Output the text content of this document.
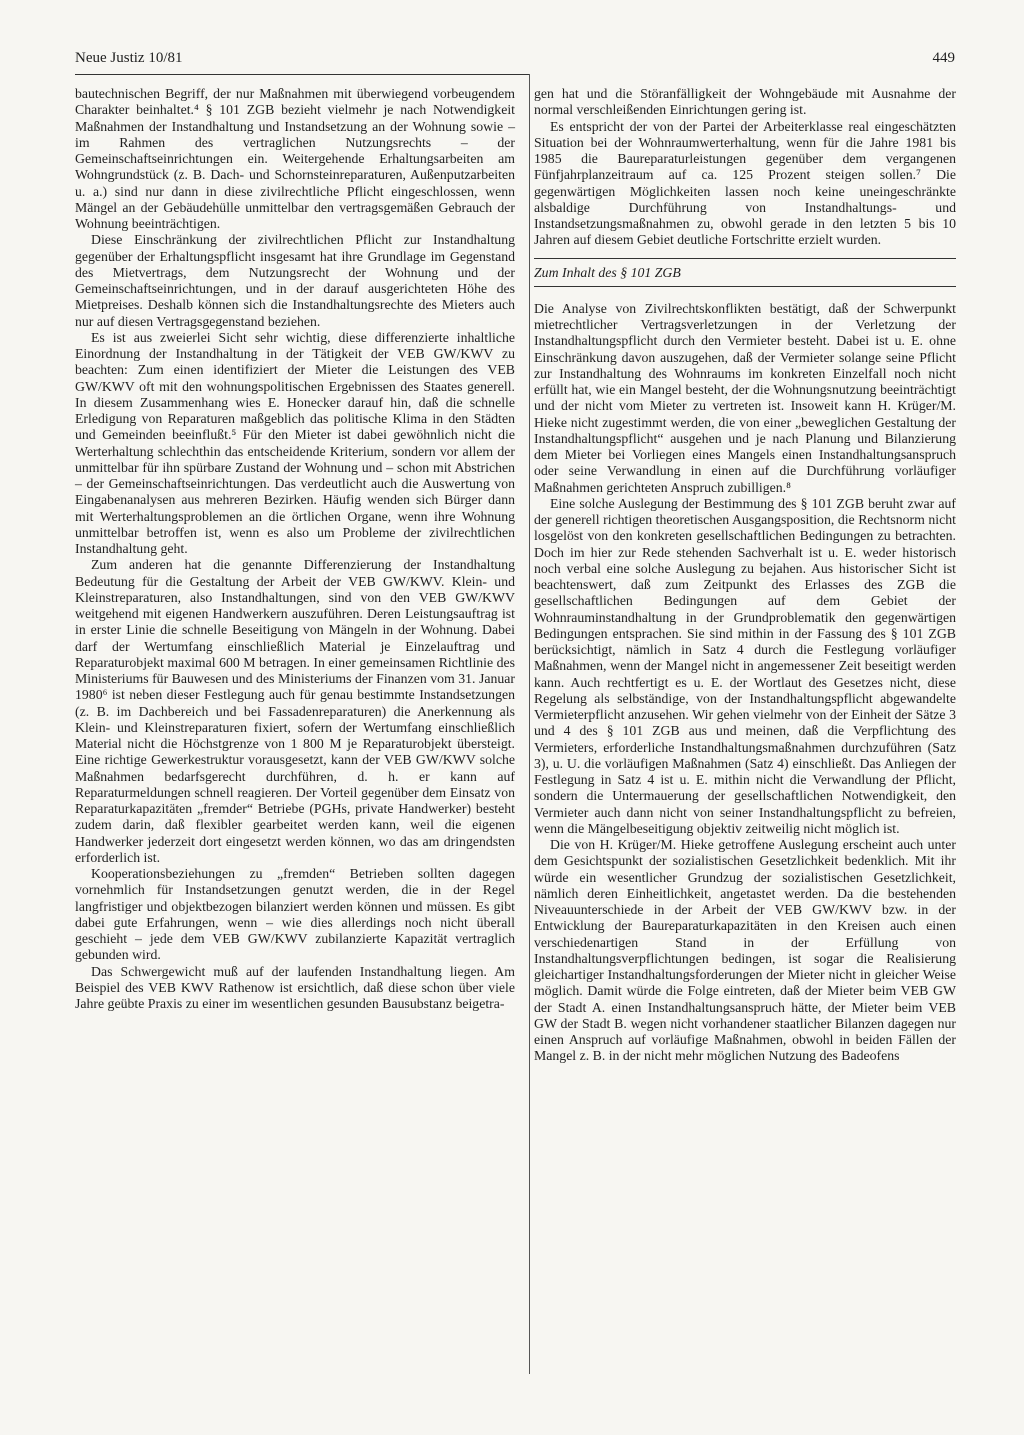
Neue Justiz 10/81	449

bautechnischen Begriff, der nur Maßnahmen mit überwiegend vorbeugendem Charakter beinhaltet.⁴ § 101 ZGB bezieht vielmehr je nach Notwendigkeit Maßnahmen der Instandhaltung und Instandsetzung an der Wohnung sowie – im Rahmen des vertraglichen Nutzungsrechts – der Gemeinschaftseinrichtungen ein. Weitergehende Erhaltungsarbeiten am Wohngrundstück (z. B. Dach- und Schornsteinreparaturen, Außenputzarbeiten u. a.) sind nur dann in diese zivilrechtliche Pflicht eingeschlossen, wenn Mängel an der Gebäudehülle unmittelbar den vertragsgemäßen Gebrauch der Wohnung beeinträchtigen.

Diese Einschränkung der zivilrechtlichen Pflicht zur Instandhaltung gegenüber der Erhaltungspflicht insgesamt hat ihre Grundlage im Gegenstand des Mietvertrags, dem Nutzungsrecht der Wohnung und der Gemeinschaftseinrichtungen, und in der darauf ausgerichteten Höhe des Mietpreises. Deshalb können sich die Instandhaltungsrechte des Mieters auch nur auf diesen Vertragsgegenstand beziehen.

Es ist aus zweierlei Sicht sehr wichtig, diese differenzierte inhaltliche Einordnung der Instandhaltung in der Tätigkeit der VEB GW/KWV zu beachten: Zum einen identifiziert der Mieter die Leistungen des VEB GW/KWV oft mit den wohnungspolitischen Ergebnissen des Staates generell. In diesem Zusammenhang wies E. Honecker darauf hin, daß die schnelle Erledigung von Reparaturen maßgeblich das politische Klima in den Städten und Gemeinden beeinflußt.⁵ Für den Mieter ist dabei gewöhnlich nicht die Werterhaltung schlechthin das entscheidende Kriterium, sondern vor allem der unmittelbar für ihn spürbare Zustand der Wohnung und – schon mit Abstrichen – der Gemeinschaftseinrichtungen. Das verdeutlicht auch die Auswertung von Eingabenanalysen aus mehreren Bezirken. Häufig wenden sich Bürger dann mit Werterhaltungsproblemen an die örtlichen Organe, wenn ihre Wohnung unmittelbar betroffen ist, wenn es also um Probleme der zivilrechtlichen Instandhaltung geht.

Zum anderen hat die genannte Differenzierung der Instandhaltung Bedeutung für die Gestaltung der Arbeit der VEB GW/KWV. Klein- und Kleinstreparaturen, also Instandhaltungen, sind von den VEB GW/KWV weitgehend mit eigenen Handwerkern auszuführen. Deren Leistungsauftrag ist in erster Linie die schnelle Beseitigung von Mängeln in der Wohnung. Dabei darf der Wertumfang einschließlich Material je Einzelauftrag und Reparaturobjekt maximal 600 M betragen. In einer gemeinsamen Richtlinie des Ministeriums für Bauwesen und des Ministeriums der Finanzen vom 31. Januar 1980⁶ ist neben dieser Festlegung auch für genau bestimmte Instandsetzungen (z. B. im Dachbereich und bei Fassadenreparaturen) die Anerkennung als Klein- und Kleinstreparaturen fixiert, sofern der Wertumfang einschließlich Material nicht die Höchstgrenze von 1 800 M je Reparaturobjekt übersteigt. Eine richtige Gewerkestruktur vorausgesetzt, kann der VEB GW/KWV solche Maßnahmen bedarfsgerecht durchführen, d. h. er kann auf Reparaturmeldungen schnell reagieren. Der Vorteil gegenüber dem Einsatz von Reparaturkapazitäten „fremder“ Betriebe (PGHs, private Handwerker) besteht zudem darin, daß flexibler gearbeitet werden kann, weil die eigenen Handwerker jederzeit dort eingesetzt werden können, wo das am dringendsten erforderlich ist.

Kooperationsbeziehungen zu „fremden“ Betrieben sollten dagegen vornehmlich für Instandsetzungen genutzt werden, die in der Regel langfristiger und objektbezogen bilanziert werden können und müssen. Es gibt dabei gute Erfahrungen, wenn – wie dies allerdings noch nicht überall geschieht – jede dem VEB GW/KWV zubilanzierte Kapazität vertraglich gebunden wird.

Das Schwergewicht muß auf der laufenden Instandhaltung liegen. Am Beispiel des VEB KWV Rathenow ist ersichtlich, daß diese schon über viele Jahre geübte Praxis zu einer im wesentlichen gesunden Bausubstanz beigetra-

gen hat und die Störanfälligkeit der Wohngebäude mit Ausnahme der normal verschleißenden Einrichtungen gering ist.

Es entspricht der von der Partei der Arbeiterklasse real eingeschätzten Situation bei der Wohnraumwerterhaltung, wenn für die Jahre 1981 bis 1985 die Baureparaturleistungen gegenüber dem vergangenen Fünfjahrplanzeitraum auf ca. 125 Prozent steigen sollen.⁷ Die gegenwärtigen Möglichkeiten lassen noch keine uneingeschränkte alsbaldige Durchführung von Instandhaltungs- und Instandsetzungsmaßnahmen zu, obwohl gerade in den letzten 5 bis 10 Jahren auf diesem Gebiet deutliche Fortschritte erzielt wurden.

Zum Inhalt des § 101 ZGB

Die Analyse von Zivilrechtskonflikten bestätigt, daß der Schwerpunkt mietrechtlicher Vertragsverletzungen in der Verletzung der Instandhaltungspflicht durch den Vermieter besteht. Dabei ist u. E. ohne Einschränkung davon auszugehen, daß der Vermieter solange seine Pflicht zur Instandhaltung des Wohnraums im konkreten Einzelfall noch nicht erfüllt hat, wie ein Mangel besteht, der die Wohnungsnutzung beeinträchtigt und der nicht vom Mieter zu vertreten ist. Insoweit kann H. Krüger/M. Hieke nicht zugestimmt werden, die von einer „beweglichen Gestaltung der Instandhaltungspflicht“ ausgehen und je nach Planung und Bilanzierung dem Mieter bei Vorliegen eines Mangels einen Instandhaltungsanspruch oder seine Verwandlung in einen auf die Durchführung vorläufiger Maßnahmen gerichteten Anspruch zubilligen.⁸

Eine solche Auslegung der Bestimmung des § 101 ZGB beruht zwar auf der generell richtigen theoretischen Ausgangsposition, die Rechtsnorm nicht losgelöst von den konkreten gesellschaftlichen Bedingungen zu betrachten. Doch im hier zur Rede stehenden Sachverhalt ist u. E. weder historisch noch verbal eine solche Auslegung zu bejahen. Aus historischer Sicht ist beachtenswert, daß zum Zeitpunkt des Erlasses des ZGB die gesellschaftlichen Bedingungen auf dem Gebiet der Wohnrauminstandhaltung in der Grundproblematik den gegenwärtigen Bedingungen entsprachen. Sie sind mithin in der Fassung des § 101 ZGB berücksichtigt, nämlich in Satz 4 durch die Festlegung vorläufiger Maßnahmen, wenn der Mangel nicht in angemessener Zeit beseitigt werden kann. Auch rechtfertigt es u. E. der Wortlaut des Gesetzes nicht, diese Regelung als selbständige, von der Instandhaltungspflicht abgewandelte Vermieterpflicht anzusehen. Wir gehen vielmehr von der Einheit der Sätze 3 und 4 des § 101 ZGB aus und meinen, daß die Verpflichtung des Vermieters, erforderliche Instandhaltungsmaßnahmen durchzuführen (Satz 3), u. U. die vorläufigen Maßnahmen (Satz 4) einschließt. Das Anliegen der Festlegung in Satz 4 ist u. E. mithin nicht die Verwandlung der Pflicht, sondern die Untermauerung der gesellschaftlichen Notwendigkeit, den Vermieter auch dann nicht von seiner Instandhaltungspflicht zu befreien, wenn die Mängelbeseitigung objektiv zeitweilig nicht möglich ist.

Die von H. Krüger/M. Hieke getroffene Auslegung erscheint auch unter dem Gesichtspunkt der sozialistischen Gesetzlichkeit bedenklich. Mit ihr würde ein wesentlicher Grundzug der sozialistischen Gesetzlichkeit, nämlich deren Einheitlichkeit, angetastet werden. Da die bestehenden Niveauunterschiede in der Arbeit der VEB GW/KWV bzw. in der Entwicklung der Baureparaturkapazitäten in den Kreisen auch einen verschiedenartigen Stand in der Erfüllung von Instandhaltungsverpflichtungen bedingen, ist sogar die Realisierung gleichartiger Instandhaltungsforderungen der Mieter nicht in gleicher Weise möglich. Damit würde die Folge eintreten, daß der Mieter beim VEB GW der Stadt A. einen Instandhaltungsanspruch hätte, der Mieter beim VEB GW der Stadt B. wegen nicht vorhandener staatlicher Bilanzen dagegen nur einen Anspruch auf vorläufige Maßnahmen, obwohl in beiden Fällen der Mangel z. B. in der nicht mehr möglichen Nutzung des Badeofens
